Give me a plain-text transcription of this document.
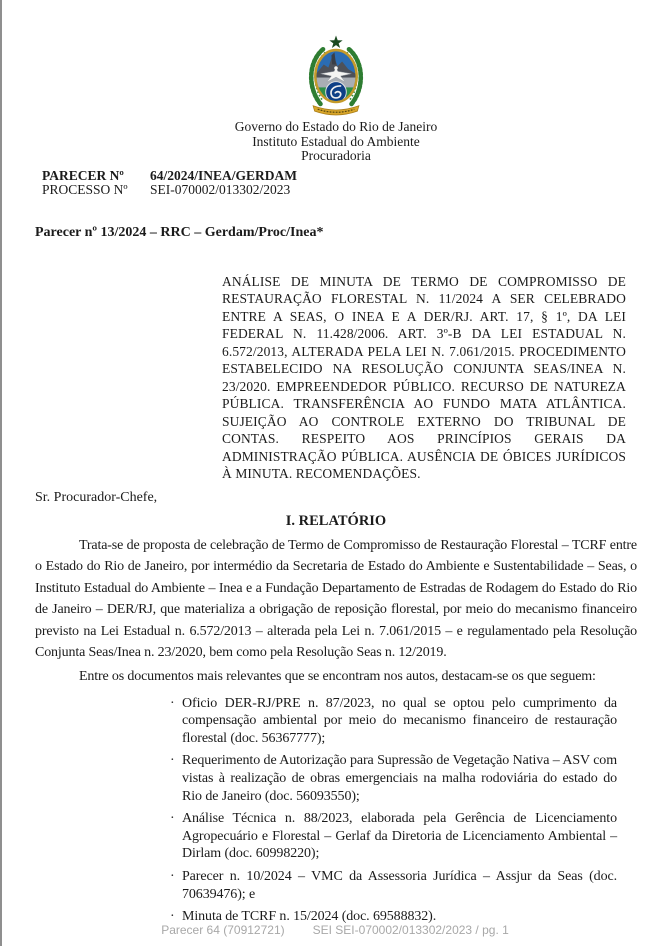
Governo do Estado do Rio de Janeiro
Instituto Estadual do Ambiente
Procuradoria
PARECER Nº	64/2024/INEA/GERDAM
PROCESSO Nº	SEI-070002/013302/2023
Parecer nº 13/2024 – RRC – Gerdam/Proc/Inea*
ANÁLISE DE MINUTA DE TERMO DE COMPROMISSO DE RESTAURAÇÃO FLORESTAL N. 11/2024 A SER CELEBRADO ENTRE A SEAS, O INEA E A DER/RJ. ART. 17, § 1º, DA LEI FEDERAL N. 11.428/2006. ART. 3º-B DA LEI ESTADUAL N. 6.572/2013, ALTERADA PELA LEI N. 7.061/2015. PROCEDIMENTO ESTABELECIDO NA RESOLUÇÃO CONJUNTA SEAS/INEA N. 23/2020. EMPREENDEDOR PÚBLICO. RECURSO DE NATUREZA PÚBLICA. TRANSFERÊNCIA AO FUNDO MATA ATLÂNTICA. SUJEIÇÃO AO CONTROLE EXTERNO DO TRIBUNAL DE CONTAS. RESPEITO AOS PRINCÍPIOS GERAIS DA ADMINISTRAÇÃO PÚBLICA. AUSÊNCIA DE ÓBICES JURÍDICOS À MINUTA. RECOMENDAÇÕES.
Sr. Procurador-Chefe,
I. RELATÓRIO
Trata-se de proposta de celebração de Termo de Compromisso de Restauração Florestal – TCRF entre o Estado do Rio de Janeiro, por intermédio da Secretaria de Estado do Ambiente e Sustentabilidade – Seas, o Instituto Estadual do Ambiente – Inea e a Fundação Departamento de Estradas de Rodagem do Estado do Rio de Janeiro – DER/RJ, que materializa a obrigação de reposição florestal, por meio do mecanismo financeiro previsto na Lei Estadual n. 6.572/2013 – alterada pela Lei n. 7.061/2015 – e regulamentado pela Resolução Conjunta Seas/Inea n. 23/2020, bem como pela Resolução Seas n. 12/2019.
Entre os documentos mais relevantes que se encontram nos autos, destacam-se os que seguem:
· Oficio DER-RJ/PRE n. 87/2023, no qual se optou pelo cumprimento da compensação ambiental por meio do mecanismo financeiro de restauração florestal (doc. 56367777);
· Requerimento de Autorização para Supressão de Vegetação Nativa – ASV com vistas à realização de obras emergenciais na malha rodoviária do estado do Rio de Janeiro (doc. 56093550);
· Análise Técnica n. 88/2023, elaborada pela Gerência de Licenciamento Agropecuário e Florestal – Gerlaf da Diretoria de Licenciamento Ambiental – Dirlam (doc. 60998220);
· Parecer n. 10/2024 – VMC da Assessoria Jurídica – Assjur da Seas (doc. 70639476); e
· Minuta de TCRF n. 15/2024 (doc. 69588832).
Parecer 64 (70912721) SEI SEI-070002/013302/2023 / pg. 1
